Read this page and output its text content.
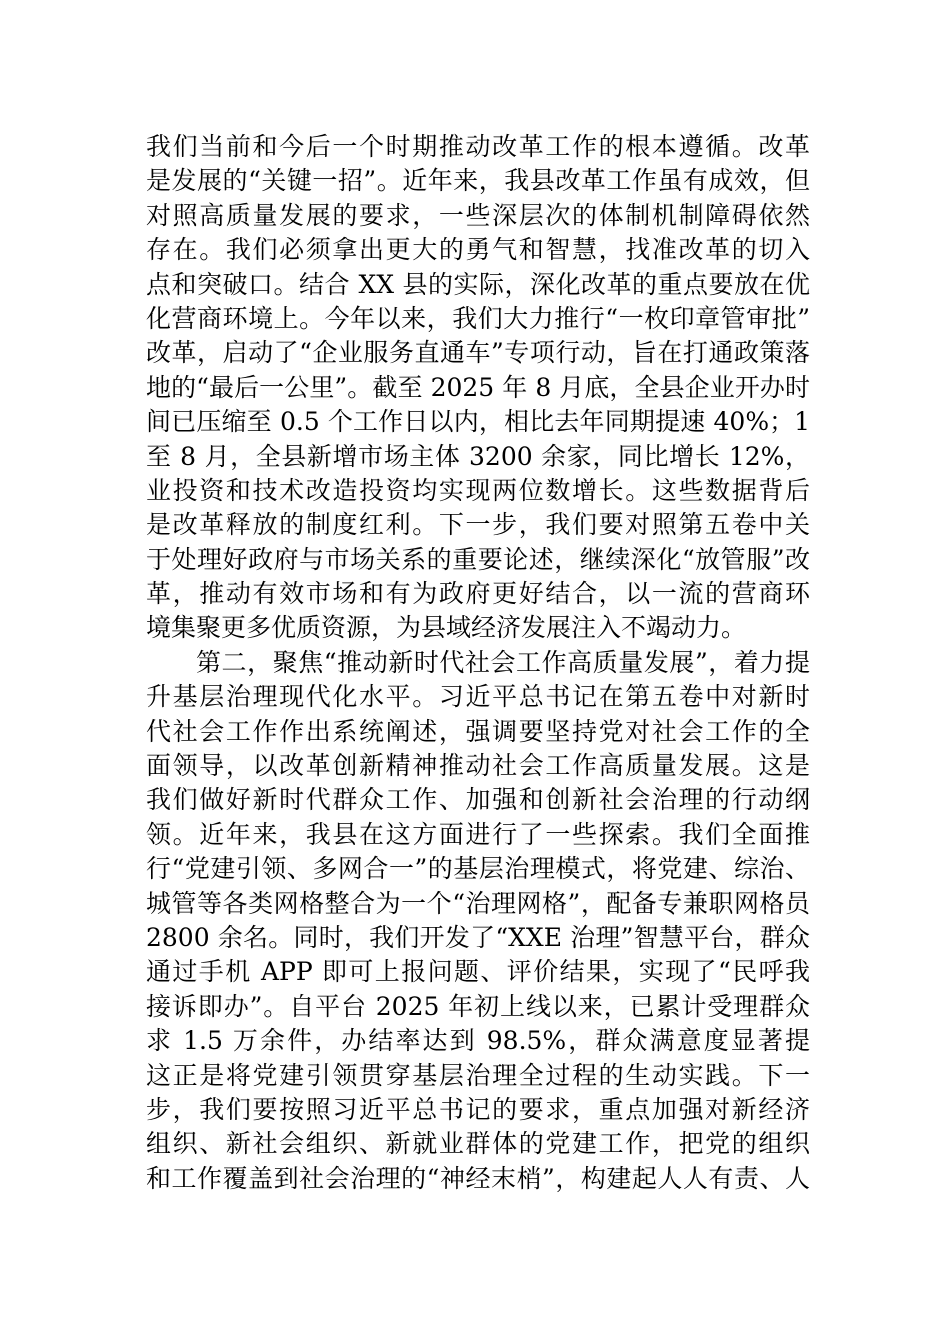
我们当前和今后一个时期推动改革工作的根本遵循。改革
是发展的“关键一招”。近年来，我县改革工作虽有成效，但
对照高质量发展的要求，一些深层次的体制机制障碍依然
存在。我们必须拿出更大的勇气和智慧，找准改革的切入
点和突破口。结合 XX 县的实际，深化改革的重点要放在优
化营商环境上。今年以来，我们大力推行“一枚印章管审批”
改革，启动了“企业服务直通车”专项行动，旨在打通政策落
地的“最后一公里”。截至 2025 年 8 月底，全县企业开办时
间已压缩至 0.5 个工作日以内，相比去年同期提速 40%；1
至 8 月，全县新增市场主体 3200 余家，同比增长 12%，
业投资和技术改造投资均实现两位数增长。这些数据背后
是改革释放的制度红利。下一步，我们要对照第五卷中关
于处理好政府与市场关系的重要论述，继续深化“放管服”改
革，推动有效市场和有为政府更好结合，以一流的营商环
境集聚更多优质资源，为县域经济发展注入不竭动力。
第二，聚焦“推动新时代社会工作高质量发展”，着力提
升基层治理现代化水平。习近平总书记在第五卷中对新时
代社会工作作出系统阐述，强调要坚持党对社会工作的全
面领导，以改革创新精神推动社会工作高质量发展。这是
我们做好新时代群众工作、加强和创新社会治理的行动纲
领。近年来，我县在这方面进行了一些探索。我们全面推
行“党建引领、多网合一”的基层治理模式，将党建、综治、
城管等各类网格整合为一个“治理网格”，配备专兼职网格员
2800 余名。同时，我们开发了“XXE 治理”智慧平台，群众
通过手机 APP 即可上报问题、评价结果，实现了“民呼我
接诉即办”。自平台 2025 年初上线以来，已累计受理群众
求 1.5 万余件，办结率达到 98.5%，群众满意度显著提
这正是将党建引领贯穿基层治理全过程的生动实践。下一
步，我们要按照习近平总书记的要求，重点加强对新经济
组织、新社会组织、新就业群体的党建工作，把党的组织
和工作覆盖到社会治理的“神经末梢”，构建起人人有责、人
